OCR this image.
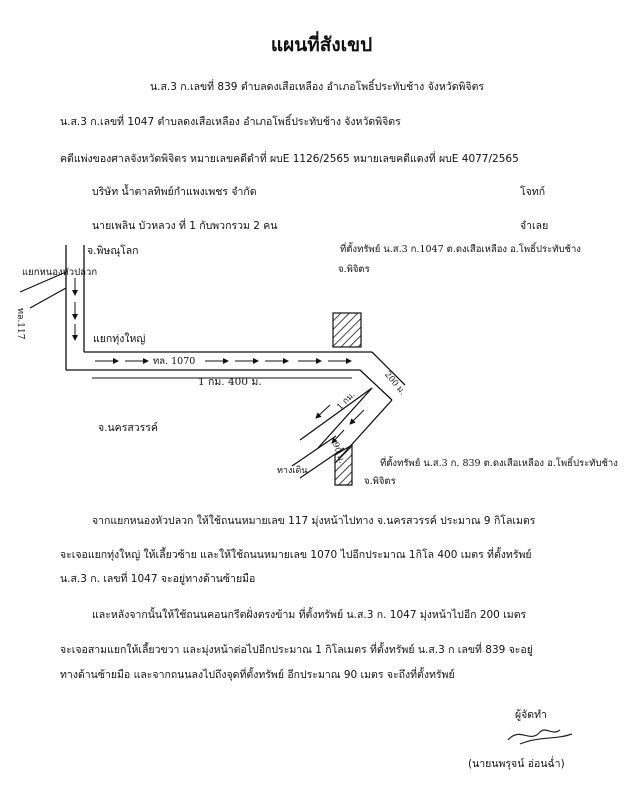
แผนที่สังเขป
น.ส.3 ก.เลขที่ 839 ตำบลดงเสือเหลือง อำเภอโพธิ์ประทับช้าง จังหวัดพิจิตร
น.ส.3 ก.เลขที่ 1047 ตำบลดงเสือเหลือง อำเภอโพธิ์ประทับช้าง จังหวัดพิจิตร
คดีแพ่งของศาลจังหวัดพิจิตร หมายเลขคดีดำที่ ผบE 1126/2565 หมายเลขคดีแดงที่ ผบE 4077/2565
บริษัท น้ำตาลทิพย์กำแพงเพชร จำกัด	โจทก์
นายเพลิน บัวหลวง ที่ 1 กับพวกรวม 2 คน	จำเลย
จ.พิษณุโลก
แยกหนองหัวปลวก
ทล.117	แยกทุ่งใหญ่
ทล. 1070
1 กม. 400 ม.
จ.นครสวรรค์
200 ม.
1 กม.
90 ม.
ทางเดิน
ที่ตั้งทรัพย์ น.ส.3 ก.1047 ต.ดงเสือเหลือง อ.โพธิ์ประทับช้าง
จ.พิจิตร
ที่ตั้งทรัพย์ น.ส.3 ก. 839 ต.ดงเสือเหลือง อ.โพธิ์ประทับช้าง
จ.พิจิตร
จากแยกหนองหัวปลวก ให้ใช้ถนนหมายเลข 117 มุ่งหน้าไปทาง จ.นครสวรรค์ ประมาณ 9 กิโลเมตร
จะเจอแยกทุ่งใหญ่ ให้เลี้ยวซ้าย และให้ใช้ถนนหมายเลข 1070 ไปอีกประมาณ 1กิโล 400 เมตร ที่ตั้งทรัพย์
น.ส.3 ก. เลขที่ 1047 จะอยู่ทางด้านซ้ายมือ
และหลังจากนั้นให้ใช้ถนนคอนกรีตฝั่งตรงข้าม ที่ตั้งทรัพย์ น.ส.3 ก. 1047 มุ่งหน้าไปอีก 200 เมตร
จะเจอสามแยกให้เลี้ยวขวา และมุ่งหน้าต่อไปอีกประมาณ 1 กิโลเมตร ที่ตั้งทรัพย์ น.ส.3 ก เลขที่ 839 จะอยู่
ทางด้านซ้ายมือ และจากถนนลงไปถึงจุดที่ตั้งทรัพย์ อีกประมาณ 90 เมตร จะถึงที่ตั้งทรัพย์
ผู้จัดทำ
(นายนพรุจน์ อ่อนฉ่ำ)
